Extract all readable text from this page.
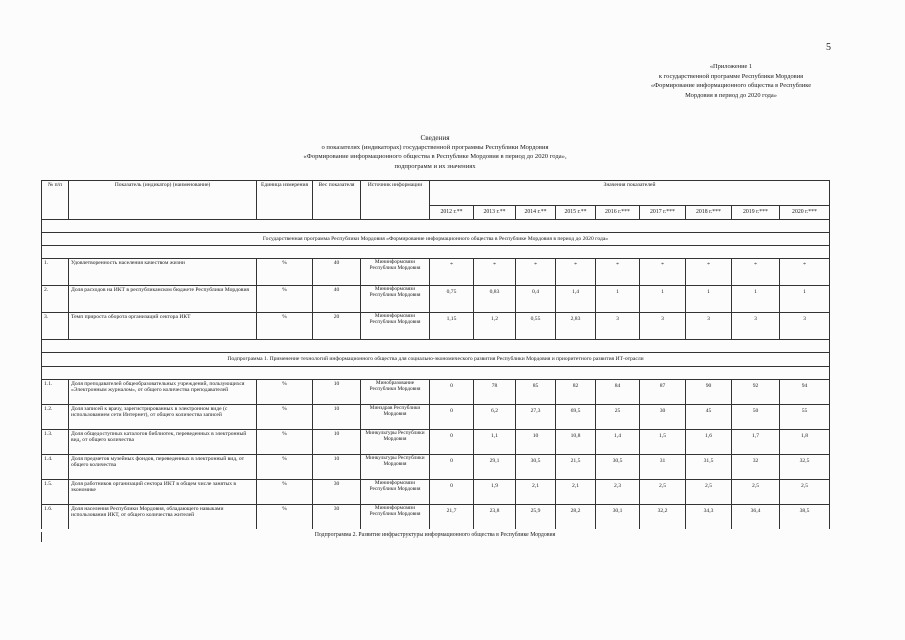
5
«Приложение 1
к государственной программе Республики Мордовия
«Формирование информационного общества в Республике
Мордовия в период до 2020 года»
Сведения
о показателях (индикаторах) государственной программы Республики Мордовия
«Формирование информационного общества в Республике Мордовия в период до 2020 года»,
подпрограмм и их значениях
№ п/п	Показатель (индикатор) (наименование)	Единица измерения	Вес показателя	Источник информации	Значения показателей								
					2012 г.**	2013 г.**	2014 г.**	2015 г.**	2016 г.***	2017 г.***	2018 г.***	2019 г.***	2020 г.***

Государственная программа Республики Мордовия «Формирование информационного общества в Республике Мордовия в период до 2020 года»													

1.	Удовлетворенность населения качеством жизни	%	40	Мининформсвязи Республики Мордовия	*	*	*	*	*	*	*	*	*
2.	Доля расходов на ИКТ в республиканском бюджете Республики Мордовия	%	40	Мининформсвязи Республики Мордовия	0,75	0,83	0,4	1,4	1	1	1	1	1
3.	Темп прироста оборота организаций сектора ИКТ	%	20	Мининформсвязи Республики Мордовия	1,15	1,2	0,55	2,83	3	3	3	3	3

Подпрограмма 1. Применение технологий информационного общества для социально-экономического развития Республики Мордовия и приоритетного развития ИТ-отрасли													

1.1.	Доля преподавателей общеобразовательных учреждений, пользующихся «Электронным журналом», от общего количества преподавателей	%	10	Минобразование Республики Мордовия	0	78	85	82	84	87	90	92	94
1.2.	Доля записей к врачу, зарегистрированных в электронном виде (с использованием сети Интернет), от общего количества записей	%	10	Минздрав Республики Мордовия	0	6,2	27,3	69,5	25	30	45	50	55
1.3.	Доля общедоступных каталогов библиотек, переведенных в электронный вид, от общего количества	%	10	Минкультуры Республики Мордовия	0	1,1	10	10,8	1,4	1,5	1,6	1,7	1,8
1.4.	Доля предметов музейных фондов, переведенных в электронный вид, от общего количества	%	10	Минкультуры Республики Мордовия	0	29,1	30,5	21,5	30,5	31	31,5	32	32,5
1.5.	Доля работников организаций сектора ИКТ в общем числе занятых в экономике	%	30	Мининформсвязи Республики Мордовия	0	1,9	2,1	2,1	2,3	2,5	2,5	2,5	2,5
1.6.	Доля населения Республики Мордовия, обладающего навыками использования ИКТ, от общего количества жителей	%	30	Мининформсвязи Республики Мордовия	21,7	23,8	25,9	28,2	30,1	32,2	34,3	36,4	38,5
Подпрограмма 2. Развитие инфраструктуры информационного общества в Республике Мордовия
